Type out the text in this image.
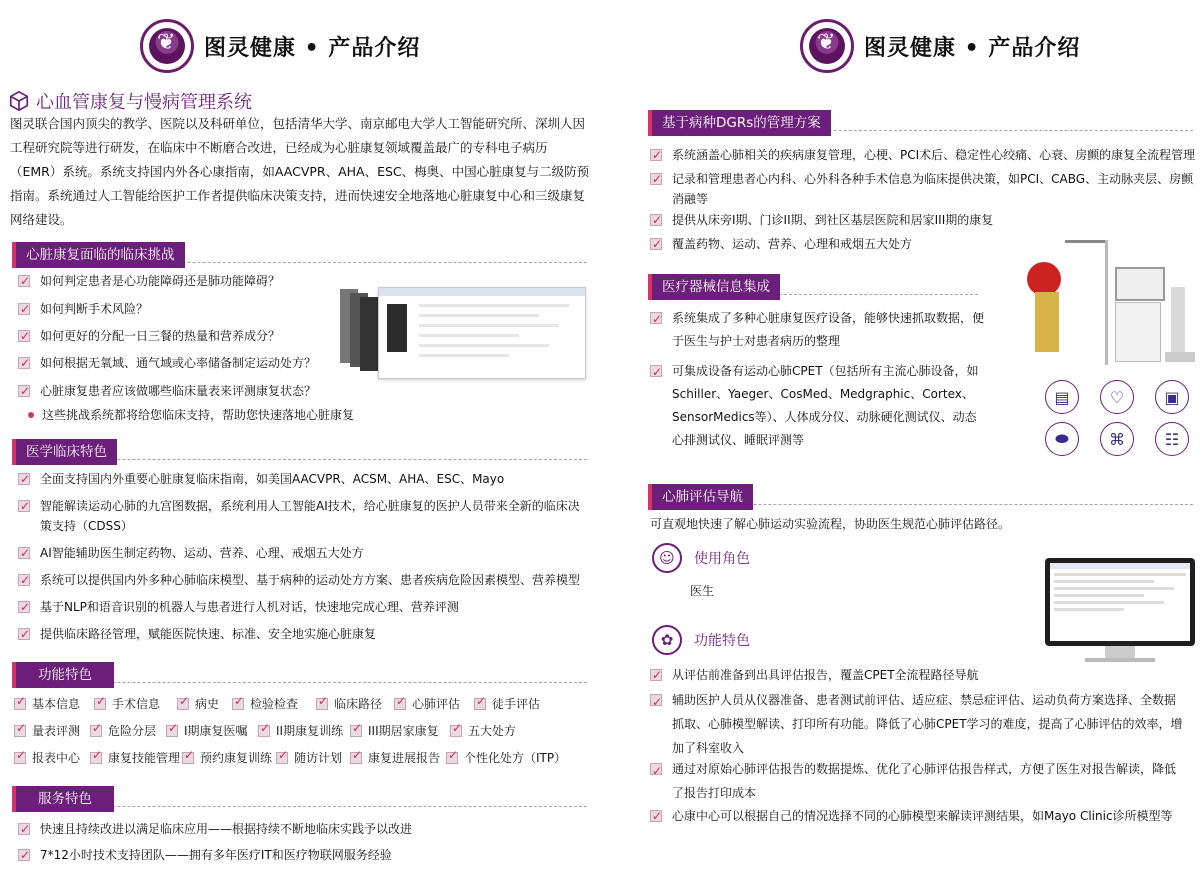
❦
图灵健康 • 产品介绍
心血管康复与慢病管理系统
图灵联合国内顶尖的教学、医院以及科研单位，包括清华大学、南京邮电大学人工智能研究所、深圳人因
工程研究院等进行研发，在临床中不断磨合改进，已经成为心脏康复领域覆盖最广的专科电子病历
（EMR）系统。系统支持国内外各心康指南，如AACVPR、AHA、ESC、梅奥、中国心脏康复与二级防预
指南。系统通过人工智能给医护工作者提供临床决策支持，进而快速安全地落地心脏康复中心和三级康复
网络建设。
心脏康复面临的临床挑战
✓
如何判定患者是心功能障碍还是肺功能障碍？
✓
如何判断手术风险？
✓
如何更好的分配一日三餐的热量和营养成分？
✓
如何根据无氧域、通气域或心率储备制定运动处方？
✓
心脏康复患者应该做哪些临床量表来评测康复状态？
这些挑战系统都将给您临床支持，帮助您快速落地心脏康复
医学临床特色
✓
全面支持国内外重要心脏康复临床指南，如美国AACVPR、ACSM、AHA、ESC、Mayo
✓
智能解读运动心肺的九宫图数据，系统利用人工智能AI技术，给心脏康复的医护人员带来全新的临床决
策支持（CDSS）
✓
AI智能辅助医生制定药物、运动、营养、心理、戒烟五大处方
✓
系统可以提供国内外多种心肺临床模型、基于病种的运动处方方案、患者疾病危险因素模型、营养模型
✓
基于NLP和语音识别的机器人与患者进行人机对话，快速地完成心理、营养评测
✓
提供临床路径管理，赋能医院快速、标准、安全地实施心脏康复
功能特色
✓
基本信息 ✓	手术信息 ✓	病史 ✓	检验检查 ✓	临床路径 ✓ 心肺评估 ✓	徒手评估
✓
量表评测 ✓ 危险分层 ✓ I期康复医嘱 ✓ II期康复训练 ✓ III期居家康复 ✓ 五大处方
✓
报表中心 ✓ 康复技能管理 ✓ 预约康复训练 ✓ 随访计划 ✓ 康复进展报告 ✓ 个性化处方（ITP）
服务特色
✓
快速且持续改进以满足临床应用——根据持续不断地临床实践予以改进
✓
7*12小时技术支持团队——拥有多年医疗IT和医疗物联网服务经验
❦
图灵健康 • 产品介绍
基于病种DGRs的管理方案
✓
系统涵盖心肺相关的疾病康复管理，心梗、PCI术后、稳定性心绞痛、心衰、房颤的康复全流程管理
✓
记录和管理患者心内科、心外科各种手术信息为临床提供决策，如PCI、CABG、主动脉夹层、房颤
消融等
✓
提供从床旁I期、门诊II期、到社区基层医院和居家III期的康复
✓
覆盖药物、运动、营养、心理和戒烟五大处方
医疗器械信息集成
✓
系统集成了多种心脏康复医疗设备，能够快速抓取数据，便
于医生与护士对患者病历的整理
✓
可集成设备有运动心肺CPET（包括所有主流心肺设备，如
Schiller、Yaeger、CosMed、Medgraphic、Cortex、
SensorMedics等）、人体成分仪、动脉硬化测试仪、动态
心排测试仪、睡眠评测等
▤	♡	▣
⬬	⌘	☷
心肺评估导航
可直观地快速了解心肺运动实验流程，协助医生规范心肺评估路径。
☺	使用角色
医生
✿	功能特色
✓
从评估前准备到出具评估报告，覆盖CPET全流程路径导航
✓
辅助医护人员从仪器准备、患者测试前评估、适应症、禁忌症评估、运动负荷方案选择、全数据
抓取、心肺模型解读、打印所有功能。降低了心肺CPET学习的难度，提高了心肺评估的效率，增
加了科室收入
✓
通过对原始心肺评估报告的数据提炼、优化了心肺评估报告样式，方便了医生对报告解读，降低
了报告打印成本
✓
心康中心可以根据自己的情况选择不同的心肺模型来解读评测结果，如Mayo Clinic诊所模型等
